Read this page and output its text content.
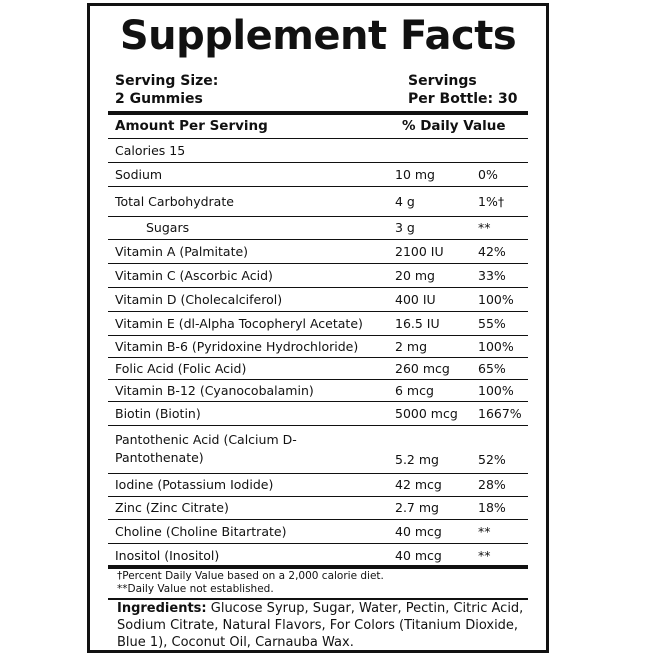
Supplement Facts
Serving Size:
2 Gummies
Servings
Per Bottle: 30
Amount Per Serving	% Daily Value
Calories 15
Sodium	10 mg	0%
Total Carbohydrate	4 g	1%†
Sugars	3 g	**
Vitamin A (Palmitate)	2100 IU	42%
Vitamin C (Ascorbic Acid)	20 mg	33%
Vitamin D (Cholecalciferol)	400 IU	100%
Vitamin E (dl-Alpha Tocopheryl Acetate)	16.5 IU	55%
Vitamin B-6 (Pyridoxine Hydrochloride)	2 mg	100%
Folic Acid (Folic Acid)	260 mcg 65%
Vitamin B-12 (Cyanocobalamin)	6 mcg	100%
Biotin (Biotin)	5000 mcg 1667%
Pantothenic Acid (Calcium D-
Pantothenate)	5.2 mg	52%
Iodine (Potassium Iodide)	42 mcg	28%
Zinc (Zinc Citrate)	2.7 mg	18%
Choline (Choline Bitartrate)	40 mcg	**
Inositol (Inositol)	40 mcg	**
†Percent Daily Value based on a 2,000 calorie diet.
**Daily Value not established.
Ingredients: Glucose Syrup, Sugar, Water, Pectin, Citric Acid, Sodium Citrate, Natural Flavors, For Colors (Titanium Dioxide, Blue 1), Coconut Oil, Carnauba Wax.
